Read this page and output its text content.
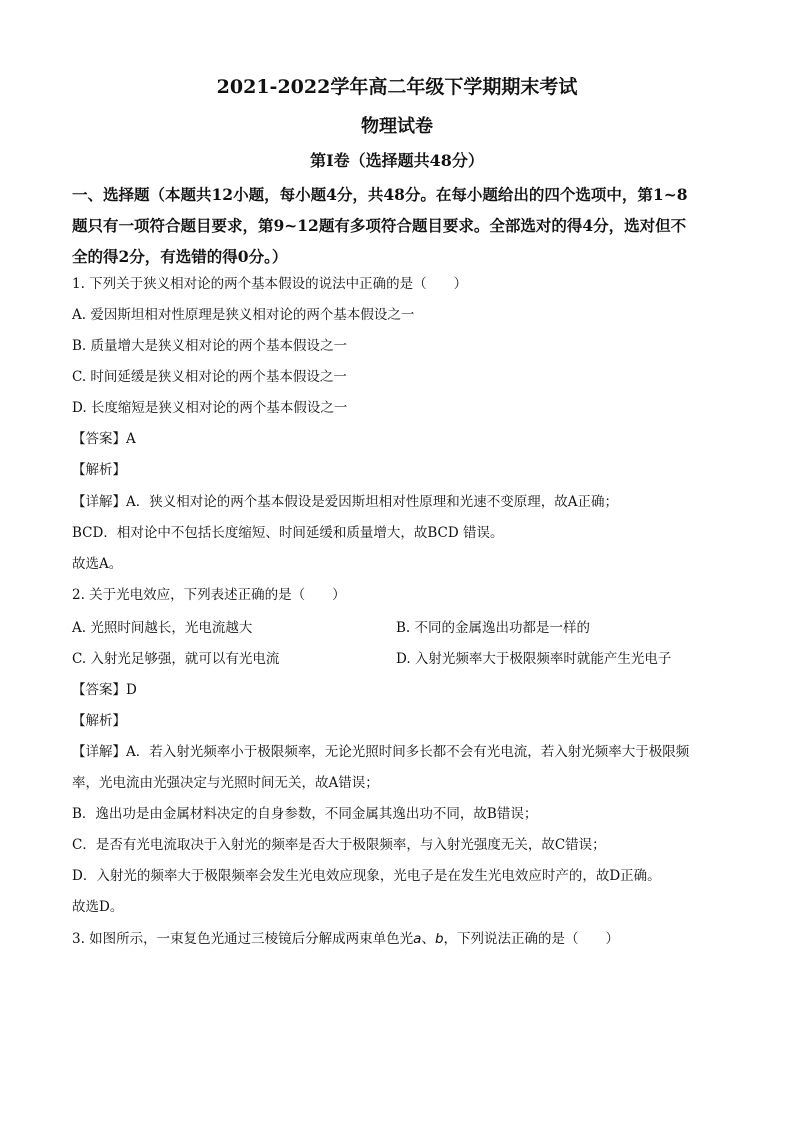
2021-2022学年高二年级下学期期末考试
物理试卷
第Ⅰ卷（选择题共48分）
一、选择题（本题共12小题，每小题4分，共48分。在每小题给出的四个选项中，第1~8
题只有一项符合题目要求，第9~12题有多项符合题目要求。全部选对的得4分，选对但不
全的得2分，有选错的得0分。）
1. 下列关于狭义相对论的两个基本假设的说法中正确的是（　　）
A. 爱因斯坦相对性原理是狭义相对论的两个基本假设之一
B. 质量增大是狭义相对论的两个基本假设之一
C. 时间延缓是狭义相对论的两个基本假设之一
D. 长度缩短是狭义相对论的两个基本假设之一
【答案】A
【解析】
【详解】A．狭义相对论的两个基本假设是爱因斯坦相对性原理和光速不变原理，故A正确；
BCD．相对论中不包括长度缩短、时间延缓和质量增大，故BCD 错误。
故选A。
2. 关于光电效应，下列表述正确的是（　　）
A. 光照时间越长，光电流越大	B. 不同的金属逸出功都是一样的
C. 入射光足够强，就可以有光电流	D. 入射光频率大于极限频率时就能产生光电子
【答案】D
【解析】
【详解】A．若入射光频率小于极限频率，无论光照时间多长都不会有光电流，若入射光频率大于极限频
率，光电流由光强决定与光照时间无关，故A错误；
B．逸出功是由金属材料决定的自身参数，不同金属其逸出功不同，故B错误；
C．是否有光电流取决于入射光的频率是否大于极限频率，与入射光强度无关，故C错误；
D．入射光的频率大于极限频率会发生光电效应现象，光电子是在发生光电效应时产的，故D正确。
故选D。
3. 如图所示，一束复色光通过三棱镜后分解成两束单色光a、b，下列说法正确的是（　　）
